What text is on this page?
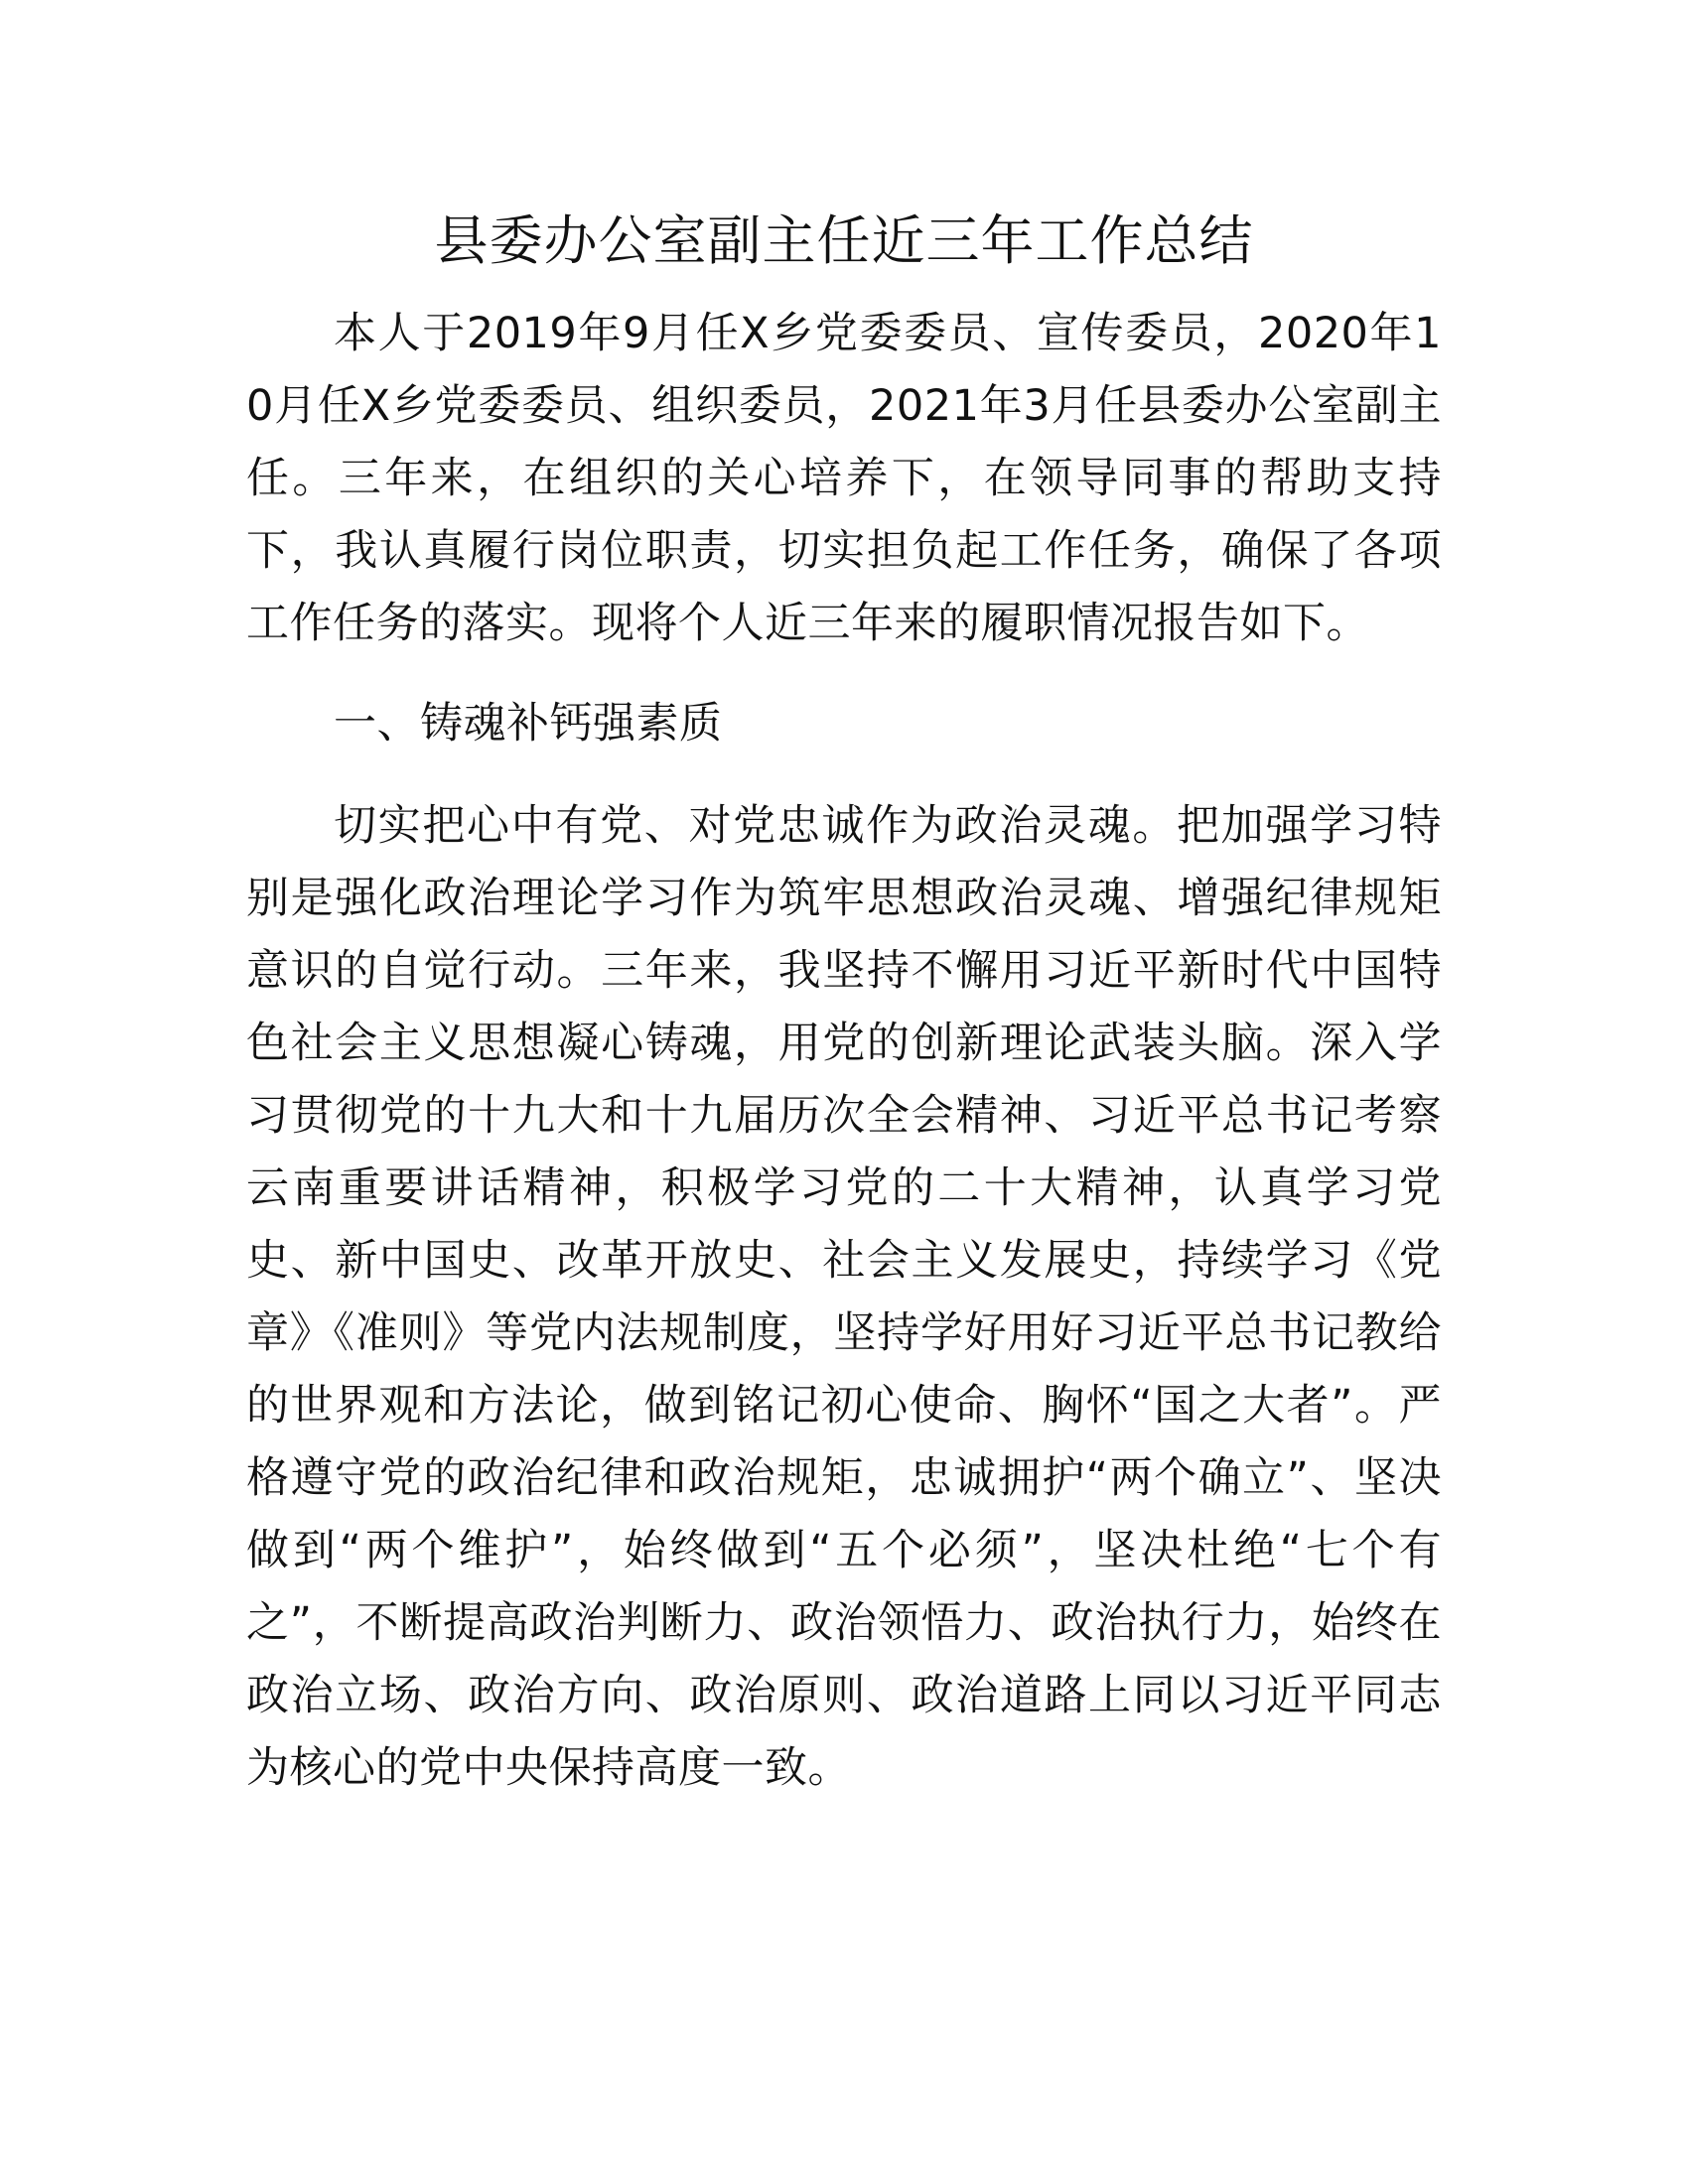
县委办公室副主任近三年工作总结

本人于2019年9月任X乡党委委员、宣传委员，2020年10月任X乡党委委员、组织委员，2021年3月任县委办公室副主任。三年来，在组织的关心培养下，在领导同事的帮助支持下，我认真履行岗位职责，切实担负起工作任务，确保了各项工作任务的落实。现将个人近三年来的履职情况报告如下。

一、铸魂补钙强素质

切实把心中有党、对党忠诚作为政治灵魂。把加强学习特别是强化政治理论学习作为筑牢思想政治灵魂、增强纪律规矩意识的自觉行动。三年来，我坚持不懈用习近平新时代中国特色社会主义思想凝心铸魂，用党的创新理论武装头脑。深入学习贯彻党的十九大和十九届历次全会精神、习近平总书记考察云南重要讲话精神，积极学习党的二十大精神，认真学习党史、新中国史、改革开放史、社会主义发展史，持续学习《党章》《准则》等党内法规制度，坚持学好用好习近平总书记教给的世界观和方法论，做到铭记初心使命、胸怀“国之大者”。严格遵守党的政治纪律和政治规矩，忠诚拥护“两个确立”、坚决做到“两个维护”，始终做到“五个必须”，坚决杜绝“七个有之”，不断提高政治判断力、政治领悟力、政治执行力，始终在政治立场、政治方向、政治原则、政治道路上同以习近平同志为核心的党中央保持高度一致。
